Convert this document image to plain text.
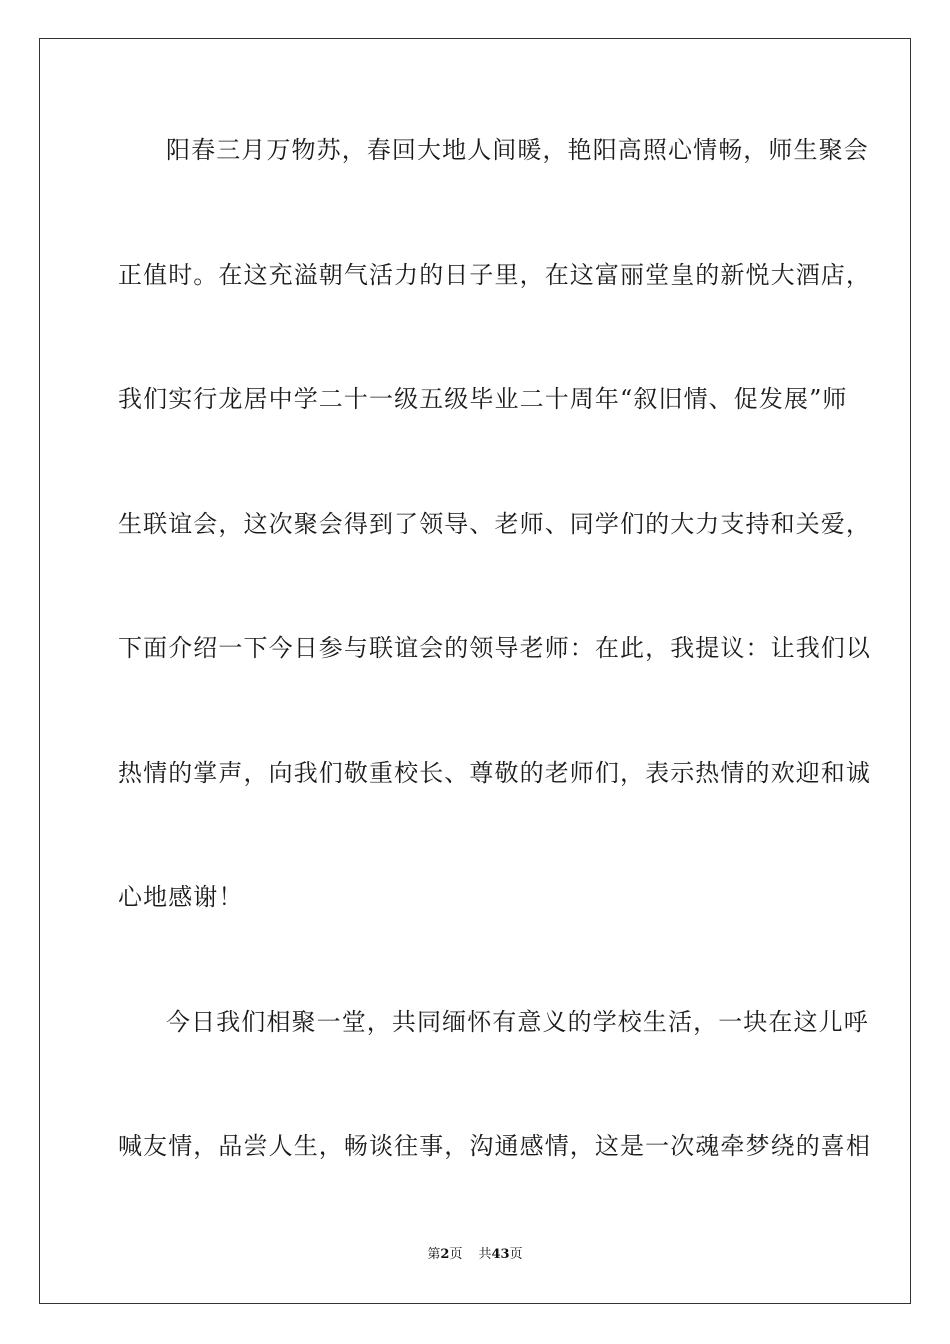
阳春三月万物苏，春回大地人间暖，艳阳高照心情畅，师生聚会
正值时。在这充溢朝气活力的日子里，在这富丽堂皇的新悦大酒店，
我们实行龙居中学二十一级五级毕业二十周年“叙旧情、促发展”师
生联谊会，这次聚会得到了领导、老师、同学们的大力支持和关爱，
下面介绍一下今日参与联谊会的领导老师：在此，我提议：让我们以
热情的掌声，向我们敬重校长、尊敬的老师们，表示热情的欢迎和诚
心地感谢！
今日我们相聚一堂，共同缅怀有意义的学校生活，一块在这儿呼
喊友情，品尝人生，畅谈往事，沟通感情，这是一次魂牵梦绕的喜相
第2页 共43页
